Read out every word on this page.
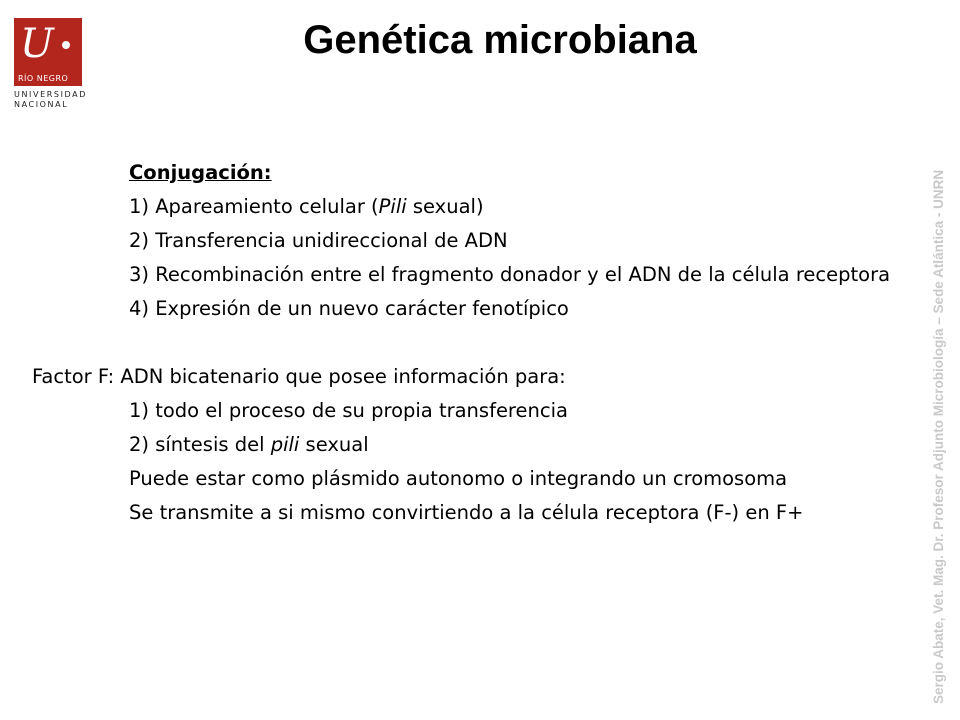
U
RÍO NEGRO
UNIVERSIDAD
NACIONAL
Genética microbiana
Conjugación:
1) Apareamiento celular (Pili sexual)
2) Transferencia unidireccional de ADN
3) Recombinación entre el fragmento donador y el ADN de la célula receptora
4) Expresión de un nuevo carácter fenotípico
Factor F: ADN bicatenario que posee información para:
1) todo el proceso de su propia transferencia
2) síntesis del pili sexual
Puede estar como plásmido autonomo o integrando un cromosoma
Se transmite a si mismo convirtiendo a la célula receptora (F-) en F+	Sergio Abate, Vet. Mag. Dr. Profesor Adjunto Microbiología – Sede Atlántica - UNRN
